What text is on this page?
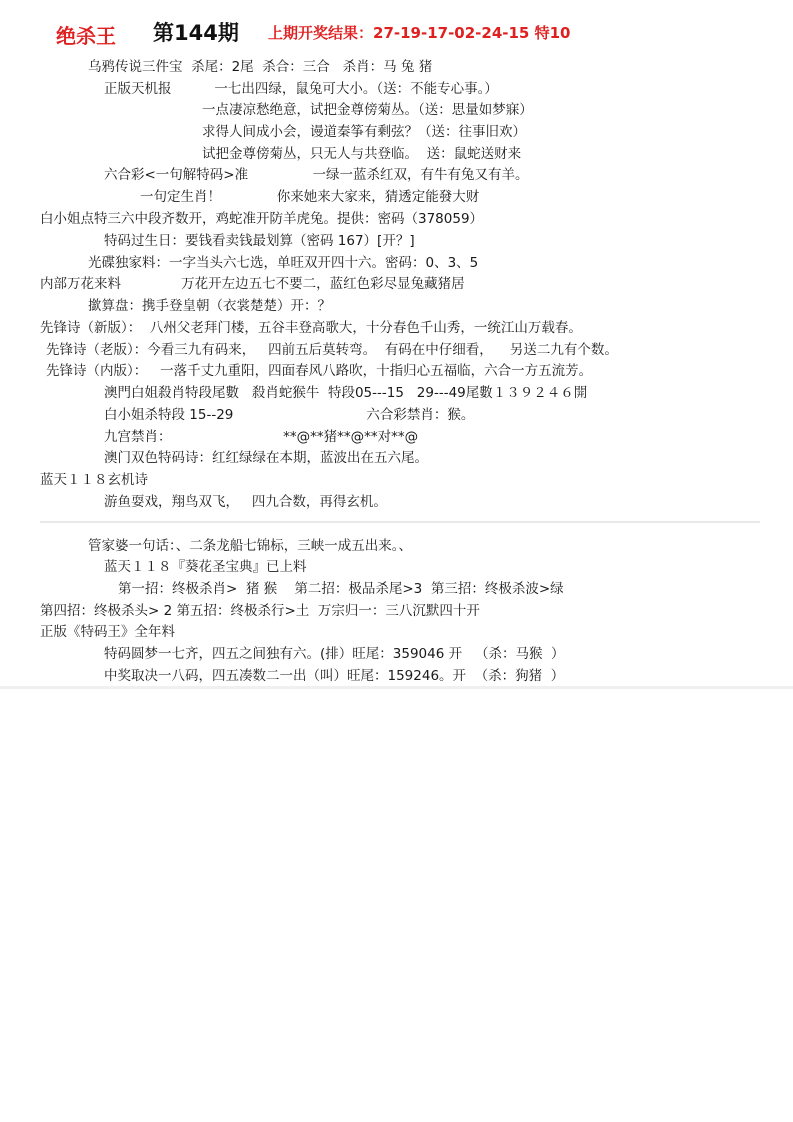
绝杀王 第144期 上期开奖结果：27-19-17-02-24-15 特10
乌鸦传说三件宝  杀尾：2尾  杀合：三合   杀肖：马 兔 猪
正版天机报          一七出四绿，鼠兔可大小。（送：不能专心事。）
一点凄凉愁绝意，试把金尊傍菊丛。（送：思量如梦寐）
求得人间成小会，谩道秦筝有剩弦？（送：往事旧欢）
试把金尊傍菊丛，只无人与共登临。  送：鼠蛇送财来
六合彩<一句解特码>准               一绿一蓝杀红双，有牛有兔又有羊。
一句定生肖！             你来她来大家来，猜透定能發大财
白小姐点特三六中段齐数开，鸡蛇准开防羊虎兔。提供：密码（378059）
特码过生日：要钱看卖钱最划算（密码 167）[开？]
光碟独家料：一字当头六七选，单旺双开四十六。密码：0、3、5
内部万花来料              万花开左边五七不要二，蓝红色彩尽显兔藏猪居
撳算盘：携手登皇朝（衣裳楚楚）开：？
先锋诗（新版）：  八州父老拜门楼，五谷丰登高歌大，十分春色千山秀，一统江山万载春。
先锋诗（老版）：今看三九有码来，   四前五后莫转弯。  有码在中仔细看，    另送二九有个数。
先锋诗（内版）：   一落千丈九重阳，四面春风八路吹，十指归心五福临，六合一方五流芳。
澳門白姐殺肖特段尾數   殺肖蛇猴牛  特段05---15   29---49尾數１３９２４６開
白小姐杀特段 15--29                               六合彩禁肖：猴。
九宫禁肖：                          **@**猪**@**对**@
澳门双色特码诗：红红绿绿在本期，蓝波出在五六尾。
蓝天１１８玄机诗
游鱼耍戏，翔鸟双飞，   四九合数，再得玄机。
管家婆一句话：、二条龙船七锦标，三峡一成五出来。、
蓝天１１８『葵花圣宝典』已上料
第一招：终极杀肖>  猪 猴    第二招：极品杀尾>3  第三招：终极杀波>绿
第四招：终极杀头> 2 第五招：终极杀行>土  万宗归一：三八沉默四十开
正版《特码王》全年料
特码圆梦一七齐，四五之间独有六。(排）旺尾：359046 开   （杀：马猴  ）
中奖取决一八码，四五凑数二一出（叫）旺尾：159246。开  （杀：狗猪  ）
